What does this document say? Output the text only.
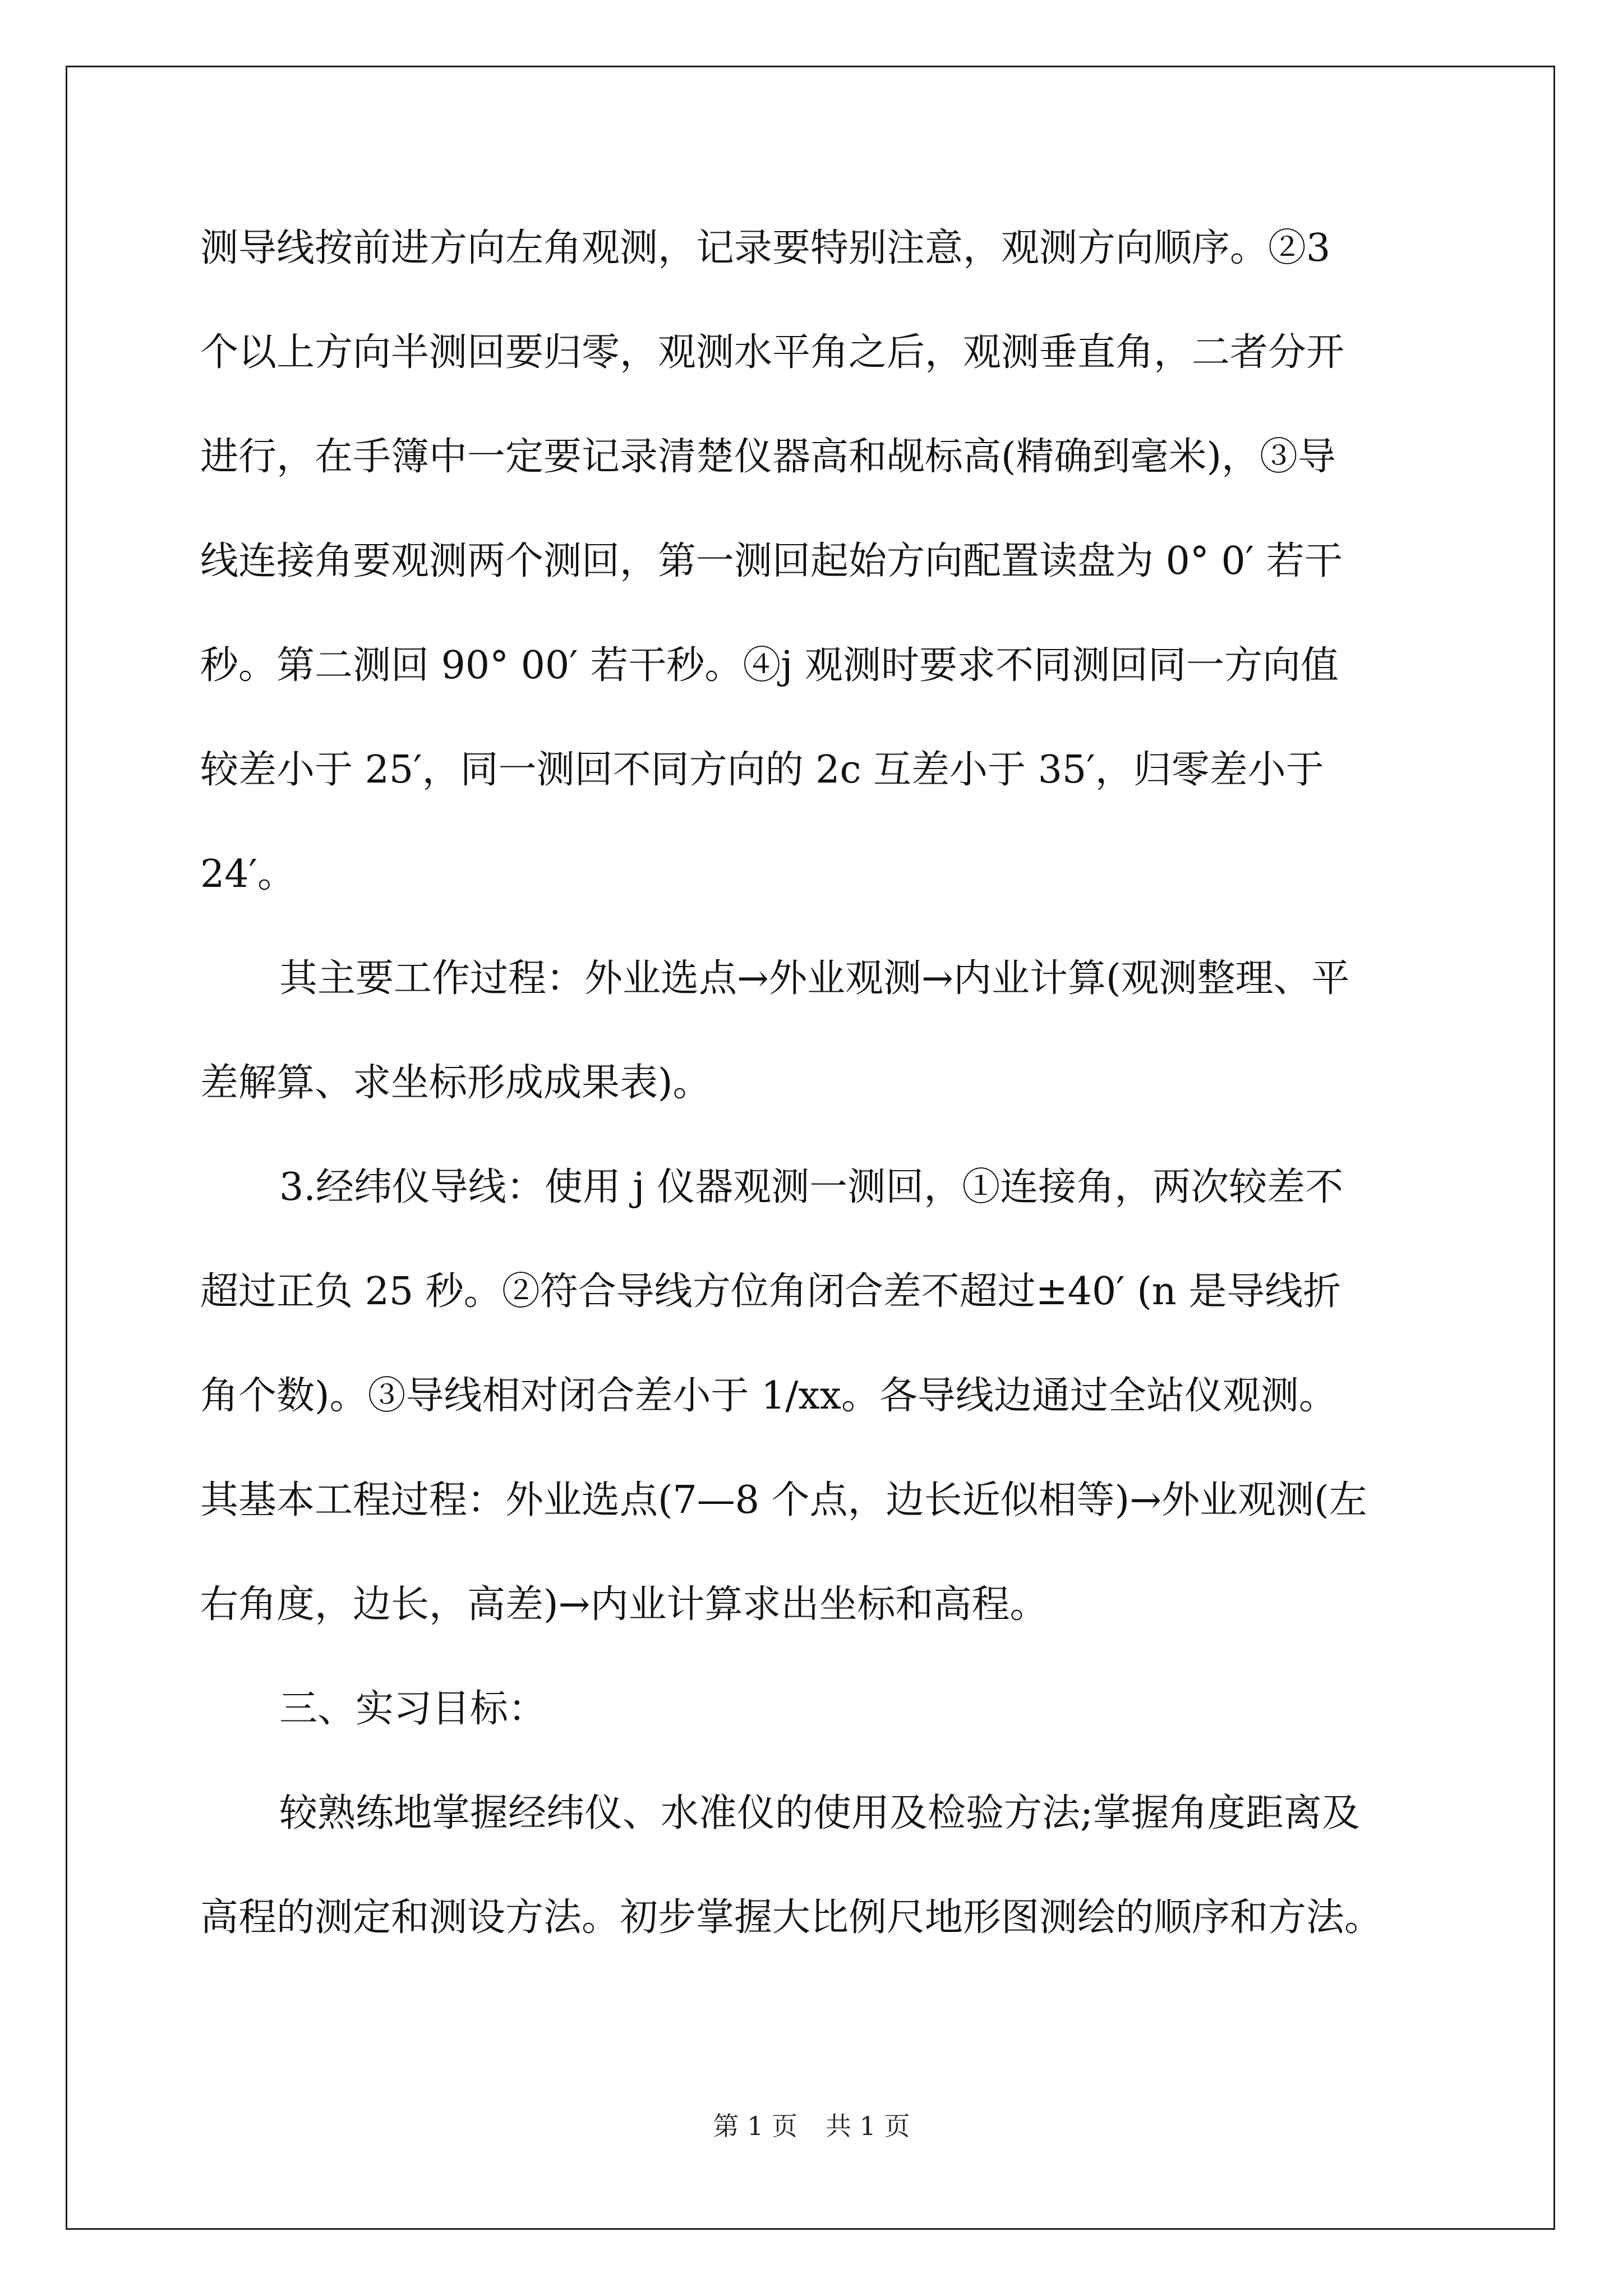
测导线按前进方向左角观测，记录要特别注意，观测方向顺序。②3
个以上方向半测回要归零，观测水平角之后，观测垂直角，二者分开
进行，在手簿中一定要记录清楚仪器高和觇标高(精确到毫米)，③导
线连接角要观测两个测回，第一测回起始方向配置读盘为 0° 0′ 若干
秒。第二测回 90° 00′ 若干秒。④j 观测时要求不同测回同一方向值
较差小于 25′，同一测回不同方向的 2c 互差小于 35′，归零差小于
24′。
其主要工作过程：外业选点→外业观测→内业计算(观测整理、平
差解算、求坐标形成成果表)。
3.经纬仪导线：使用 j 仪器观测一测回，①连接角，两次较差不
超过正负 25 秒。②符合导线方位角闭合差不超过±40′ (n 是导线折
角个数)。③导线相对闭合差小于 1/xx。各导线边通过全站仪观测。
其基本工程过程：外业选点(7—8 个点，边长近似相等)→外业观测(左
右角度，边长，高差)→内业计算求出坐标和高程。
三、实习目标：
较熟练地掌握经纬仪、水准仪的使用及检验方法;掌握角度距离及
高程的测定和测设方法。初步掌握大比例尺地形图测绘的顺序和方法。
第 1 页 共 1 页
